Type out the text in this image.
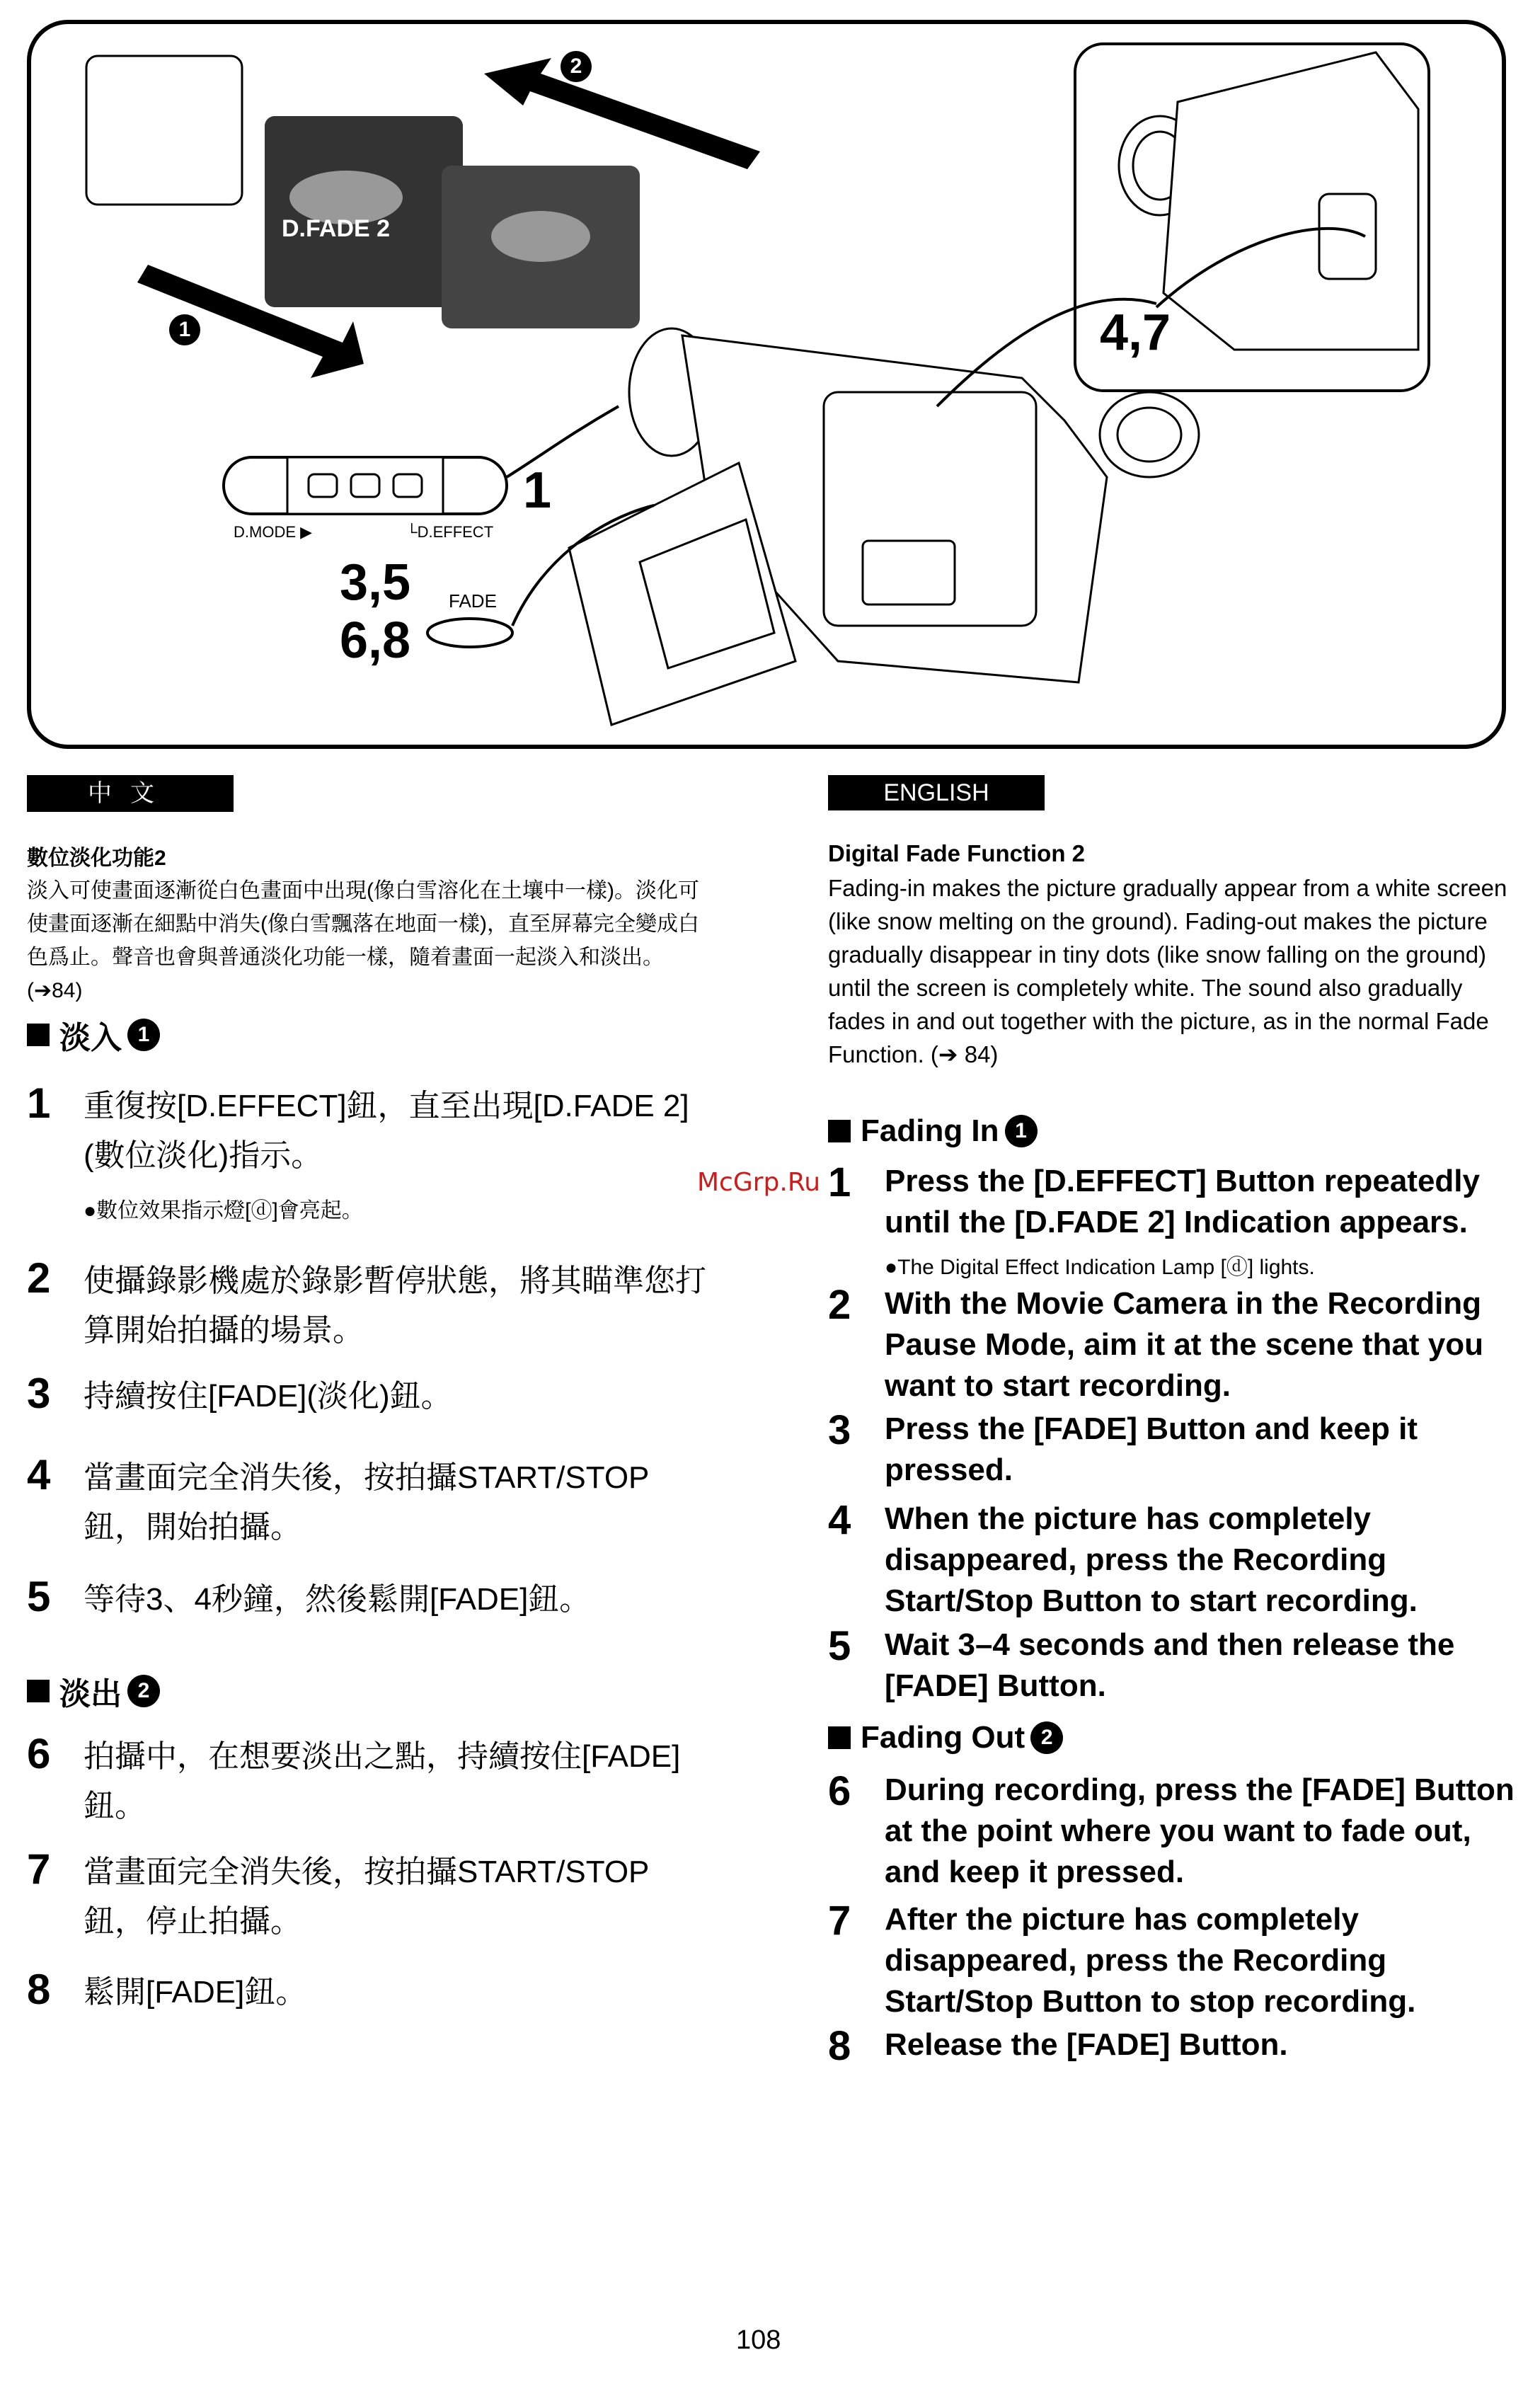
D.FADE 2
1
2
4,7
1
3,5
6,8
D.MODE ▶	└D.EFFECT
FADE
中文
數位淡化功能2
淡入可使畫面逐漸從白色畫面中出現(像白雪溶化在土壤中一樣)。淡化可使畫面逐漸在細點中消失(像白雪飄落在地面一樣)，直至屏幕完全變成白色爲止。聲音也會與普通淡化功能一樣，隨着畫面一起淡入和淡出。(➔84)
淡入 1
1	重復按[D.EFFECT]鈕，直至出現[D.FADE 2](數位淡化)指示。
●數位效果指示燈[ⓓ]會亮起。
2	使攝錄影機處於錄影暫停狀態，將其瞄準您打算開始拍攝的場景。
3	持續按住[FADE](淡化)鈕。
4	當畫面完全消失後，按拍攝START/STOP鈕，開始拍攝。
5	等待3、4秒鐘，然後鬆開[FADE]鈕。
淡出 2
6	拍攝中，在想要淡出之點，持續按住[FADE]鈕。
7	當畫面完全消失後，按拍攝START/STOP鈕，停止拍攝。
8	鬆開[FADE]鈕。
ENGLISH
Digital Fade Function 2
Fading-in makes the picture gradually appear from a white screen (like snow melting on the ground). Fading-out makes the picture gradually disappear in tiny dots (like snow falling on the ground) until the screen is completely white. The sound also gradually fades in and out together with the picture, as in the normal Fade Function. (➔ 84)
Fading In 1
1	Press the [D.EFFECT] Button repeatedly until the [D.FADE 2] Indication appears.
●The Digital Effect Indication Lamp [ⓓ] lights.
2	With the Movie Camera in the Recording Pause Mode, aim it at the scene that you want to start recording.
3	Press the [FADE] Button and keep it pressed.
4	When the picture has completely disappeared, press the Recording Start/Stop Button to start recording.
5	Wait 3–4 seconds and then release the [FADE] Button.
Fading Out 2
6	During recording, press the [FADE] Button at the point where you want to fade out, and keep it pressed.
7	After the picture has completely disappeared, press the Recording Start/Stop Button to stop recording.
8	Release the [FADE] Button.
McGrp.Ru
108
